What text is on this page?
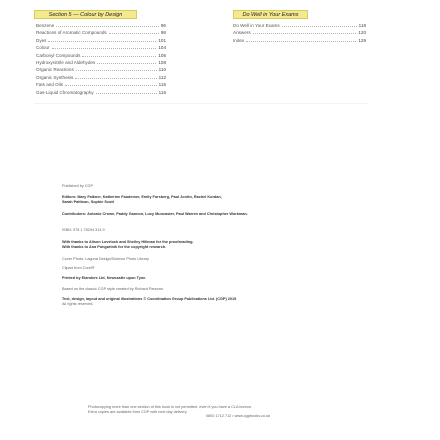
Section 5 — Colour by Design	Do Well in Your Exams
Benzene	96
Reactions of Aromatic Compounds	98
Dyes	101
Colour	104
Carbonyl Compounds	105
Hydroxynitrile and Aldehydes	108
Organic Reactions	110
Organic Synthesis	112
Fats and Oils	115
Gas-Liquid Chromatography	116
Do Well in Your Exams	118
Answers	120
Index	129
Published by CGP
Editors: Mary Falkner, Katherine Faudemer, Emily Forsberg, Paul Jordin, Rachel Kordan,
Sarah Pattison, Sophie Scott
Contributors: Antonio Crowe, Paddy Gannon, Lucy Muncaster, Paul Warren and Christopher Workman.
ISBN: 978 1 78294 314 9
With thanks to Alison Lovelock and Shelley Hillman for the proofreading.
With thanks to Ana Pungartnik for the copyright research.
Cover Photo: Laguna Design/Science Photo Library
Clipart from Corel®
Printed by Elanders Ltd, Newcastle upon Tyne.
Based on the classic CGP style created by Richard Parsons.
Text, design, layout and original illustrations © Coordination Group Publications Ltd. (CGP) 2015
All rights reserved.
Photocopying more than one section of this book is not permitted, even if you have a CLA licence.
Extra copies are available from CGP with next day delivery.
0800 1712 712 • www.cgpbooks.co.uk
